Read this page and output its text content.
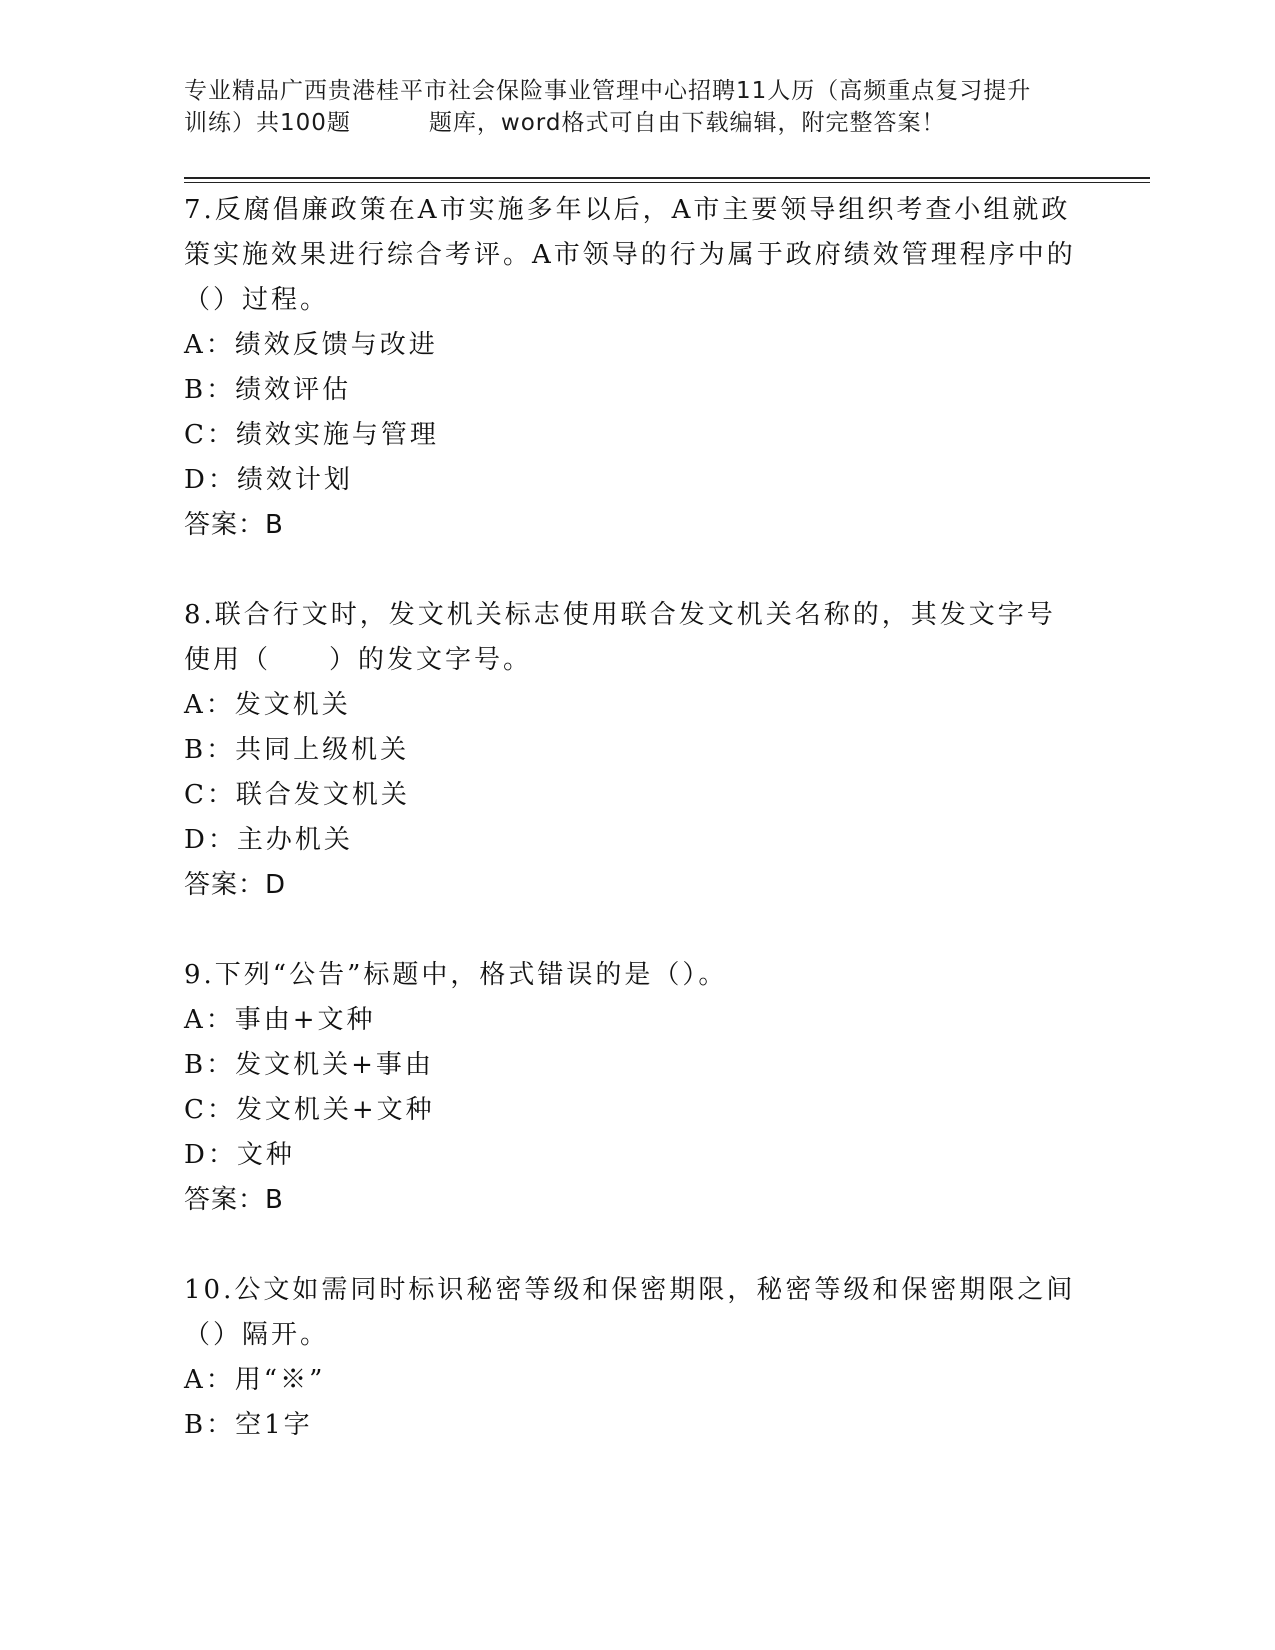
专业精品广西贵港桂平市社会保险事业管理中心招聘11人历（高频重点复习提升
训练）共100题	题库，word格式可自由下载编辑，附完整答案！
7.反腐倡廉政策在A市实施多年以后，A市主要领导组织考查小组就政
策实施效果进行综合考评。A市领导的行为属于政府绩效管理程序中的
（）过程。
A：绩效反馈与改进
B：绩效评估
C：绩效实施与管理
D：绩效计划
答案：B
8.联合行文时，发文机关标志使用联合发文机关名称的，其发文字号
使用（　　）的发文字号。
A：发文机关
B：共同上级机关
C：联合发文机关
D：主办机关
答案：D
9.下列“公告”标题中，格式错误的是（）。
A：事由+文种
B：发文机关+事由
C：发文机关+文种
D：文种
答案：B
10.公文如需同时标识秘密等级和保密期限，秘密等级和保密期限之间
（）隔开。
A：用“※”
B：空1字
